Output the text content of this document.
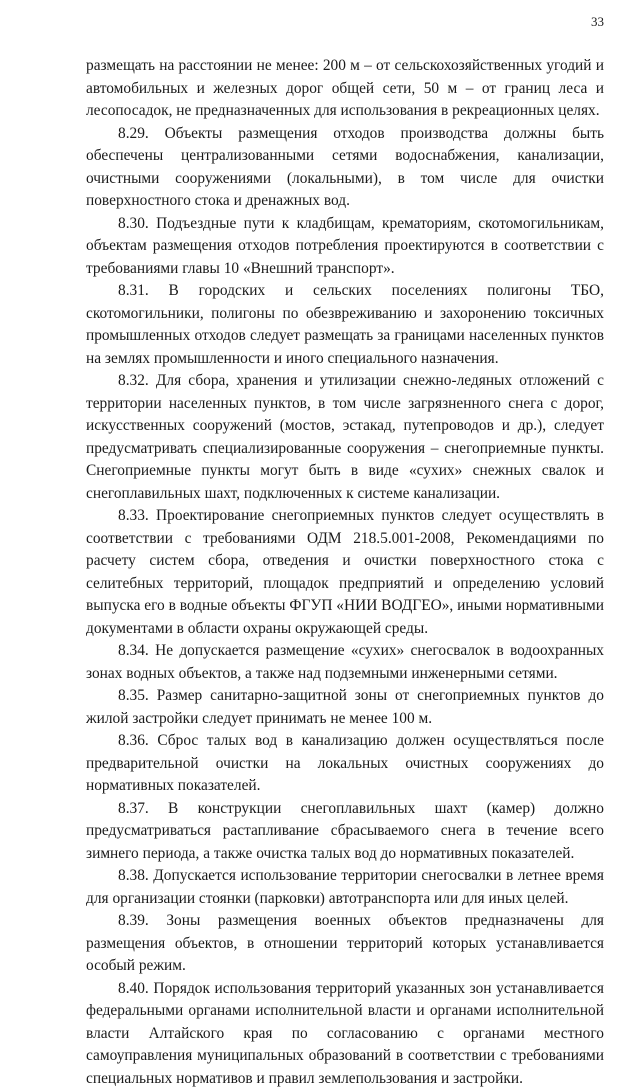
33

размещать на расстоянии не менее: 200 м – от сельскохозяйственных угодий и автомобильных и железных дорог общей сети, 50 м – от границ леса и лесопосадок, не предназначенных для использования в рекреационных целях.

8.29. Объекты размещения отходов производства должны быть обеспечены централизованными сетями водоснабжения, канализации, очистными сооружениями (локальными), в том числе для очистки поверхностного стока и дренажных вод.

8.30. Подъездные пути к кладбищам, крематориям, скотомогильникам, объектам размещения отходов потребления проектируются в соответствии с требованиями главы 10 «Внешний транспорт».

8.31. В городских и сельских поселениях полигоны ТБО, скотомогильники, полигоны по обезвреживанию и захоронению токсичных промышленных отходов следует размещать за границами населенных пунктов на землях промышленности и иного специального назначения.

8.32. Для сбора, хранения и утилизации снежно-ледяных отложений с территории населенных пунктов, в том числе загрязненного снега с дорог, искусственных сооружений (мостов, эстакад, путепроводов и др.), следует предусматривать специализированные сооружения – снегоприемные пункты. Снегоприемные пункты могут быть в виде «сухих» снежных свалок и снегоплавильных шахт, подключенных к системе канализации.

8.33. Проектирование снегоприемных пунктов следует осуществлять в соответствии с требованиями ОДМ 218.5.001-2008, Рекомендациями по расчету систем сбора, отведения и очистки поверхностного стока с селитебных территорий, площадок предприятий и определению условий выпуска его в водные объекты ФГУП «НИИ ВОДГЕО», иными нормативными документами в области охраны окружающей среды.

8.34. Не допускается размещение «сухих» снегосвалок в водоохранных зонах водных объектов, а также над подземными инженерными сетями.

8.35. Размер санитарно-защитной зоны от снегоприемных пунктов до жилой застройки следует принимать не менее 100 м.

8.36. Сброс талых вод в канализацию должен осуществляться после предварительной очистки на локальных очистных сооружениях до нормативных показателей.

8.37. В конструкции снегоплавильных шахт (камер) должно предусматриваться растапливание сбрасываемого снега в течение всего зимнего периода, а также очистка талых вод до нормативных показателей.

8.38. Допускается использование территории снегосвалки в летнее время для организации стоянки (парковки) автотранспорта или для иных целей.

8.39. Зоны размещения военных объектов предназначены для размещения объектов, в отношении территорий которых устанавливается особый режим.

8.40. Порядок использования территорий указанных зон устанавливается федеральными органами исполнительной власти и органами исполнительной власти Алтайского края по согласованию с органами местного самоуправления муниципальных образований в соответствии с требованиями специальных нормативов и правил землепользования и застройки.
